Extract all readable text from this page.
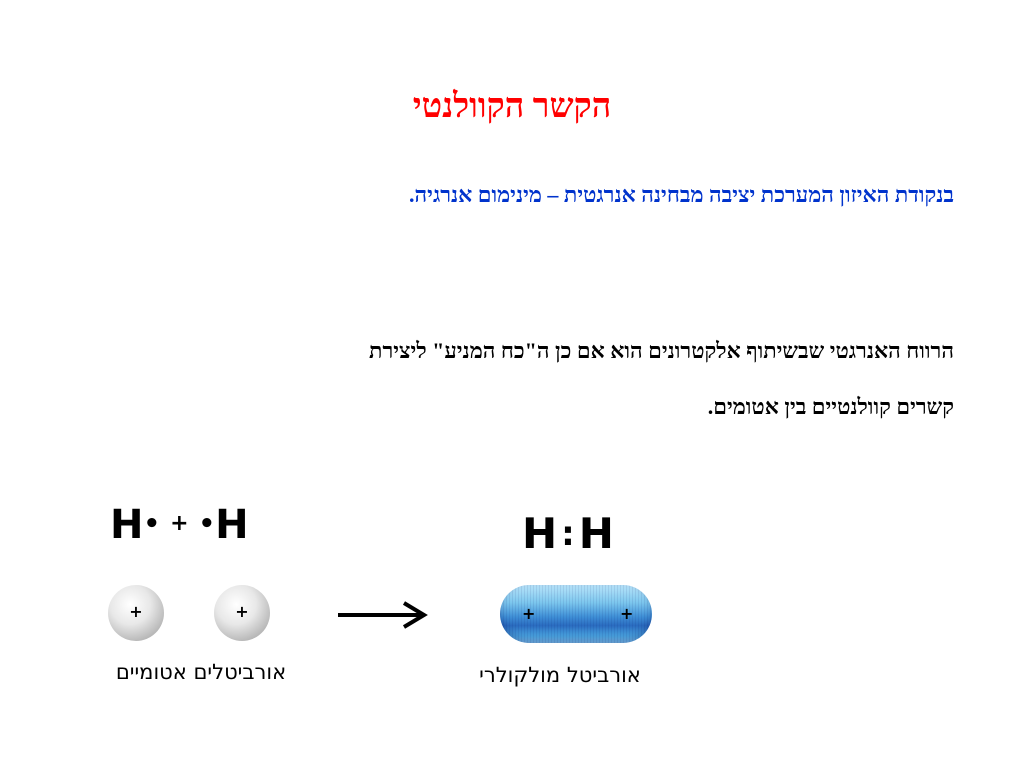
הקשר הקוולנטי
בנקודת האיזון המערכת יציבה מבחינה אנרגטית – מינימום אנרגיה.
הרווח האנרגטי שבשיתוף אלקטרונים הוא אם כן ה"כח המניע" ליצירת
קשרים קוולנטיים בין אטומים.
H• + •H	H :H
+	+	+	+
אורביטלים אטומיים	אורביטל מולקולרי
